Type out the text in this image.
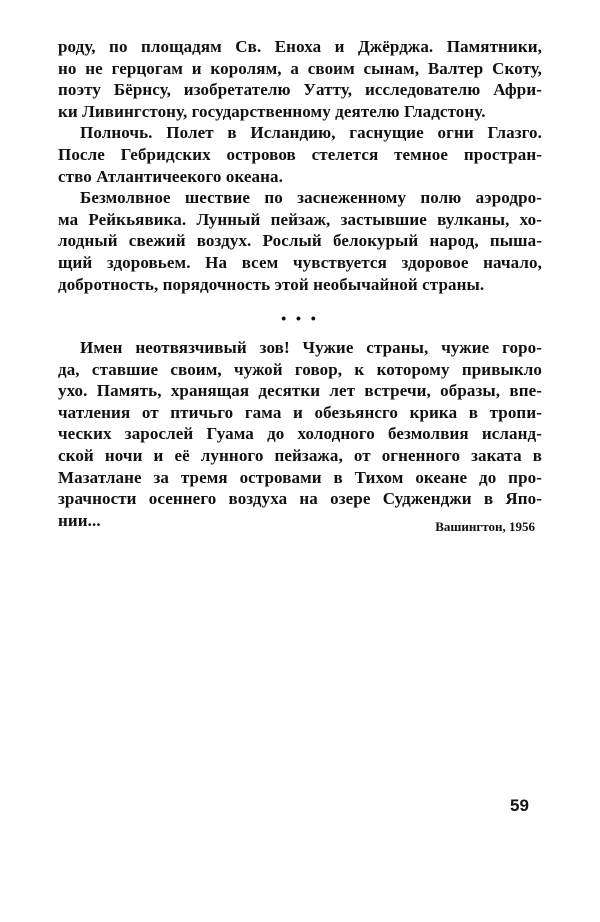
роду, по площадям Св. Еноха и Джёрджа. Памятники,
но не герцогам и королям, а своим сынам, Валтер Скоту,
поэту Бёрнсу, изобретателю Уатту, исследователю Афри-
ки Ливингстону, государственному деятелю Гладстону.
Полночь. Полет в Исландию, гаснущие огни Глазго.
После Гебридских островов стелется темное простран-
ство Атлантичеекого океана.
Безмолвное шествие по заснеженному полю аэродро-
ма Рейкьявика. Лунный пейзаж, застывшие вулканы, хо-
лодный свежий воздух. Рослый белокурый народ, пыша-
щий здоровьем. На всем чувствуется здоровое начало,
добротность, порядочность этой необычайной страны.
• • •
Имен неотвязчивый зов! Чужие страны, чужие горо-
да, ставшие своим, чужой говор, к которому привыкло
ухо. Память, хранящая десятки лет встречи, образы, впе-
чатления от птичьго гама и обезьянсго крика в тропи-
ческих зарослей Гуама до холодного безмолвия исланд-
ской ночи и её лунного пейзажа, от огненного заката в
Мазатлане за тремя островами в Тихом океане до про-
зрачности осеннего воздуха на озере Судженджи в Япо-
нии...	Вашингтон, 1956
59
